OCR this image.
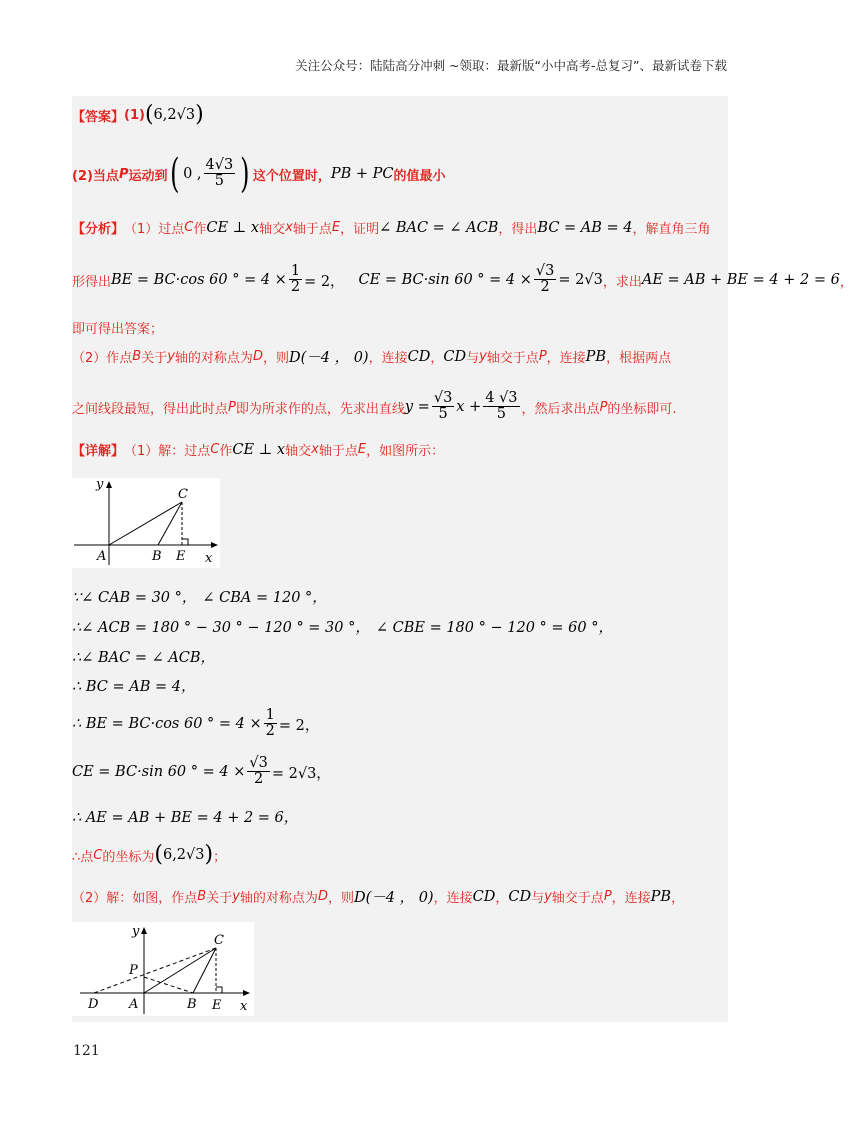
关注公众号：陆陆高分冲刺 ~领取：最新版“小中高考-总复习”、最新试卷下载
【答案】 (1) ( 6,2√3 )
(2)当点 P 运动到 ( 0 , $\frac{4√3}{5}$ ) 这个位置时， PB + PC 的值最小
【分析】 （1）过点 C 作 CE ⊥ x 轴交 x 轴于点 E ，证明 ∠ BAC = ∠ ACB ，得出 BC = AB = 4 ，解直角三角
形得出 BE = BC·cos 60 ° = $4 \times \frac{1}{2} = 2$， CE = BC·sin 60 ° = $4 \times \frac{√3}{2} = 2√3$ ，求出 AE = AB + BE = 4 + 2 = 6 ，
即可得出答案；
（2）作点 B 关于 y 轴的对称点为 D ，则 D(－4 ， 0) ，连接 CD ， CD 与 y 轴交于点 P ，连接 PB ，根据两点
之间线段最短，得出此时点 P 即为所求作的点，先求出直线 $y = \frac{√3}{5}$ $x + \frac{4 √3}{5}$ ，然后求出点 P 的坐标即可.
【详解】 （1）解：过点 C 作 CE ⊥ x 轴交 x 轴于点 E ，如图所示：
y
x
A	B
C
E
∵∠ CAB = 30 °， ∠ CBA = 120 °，
∴∠ ACB = 180 ° − 30 ° − 120 ° = 30 °， ∠ CBE = 180 ° − 120 ° = 60 °，
∴∠ BAC = ∠ ACB，
∴ BC = AB = 4，
∴ BE = BC·cos 60 ° = $4 \times \frac{1}{2} = 2$，
CE = BC·sin 60 ° = $4 \times \frac{√3}{2} = 2√3$，
∴ AE = AB + BE = 4 + 2 = 6，
∴点 C 的坐标为 ( 6,2√3 ) ；
（2）解：如图，作点 B 关于 y 轴的对称点为 D ，则 D(－4 ， 0) ，连接 CD ， CD 与 y 轴交于点 P ，连接 PB ，
y
x
D A	B E
C
P
121
